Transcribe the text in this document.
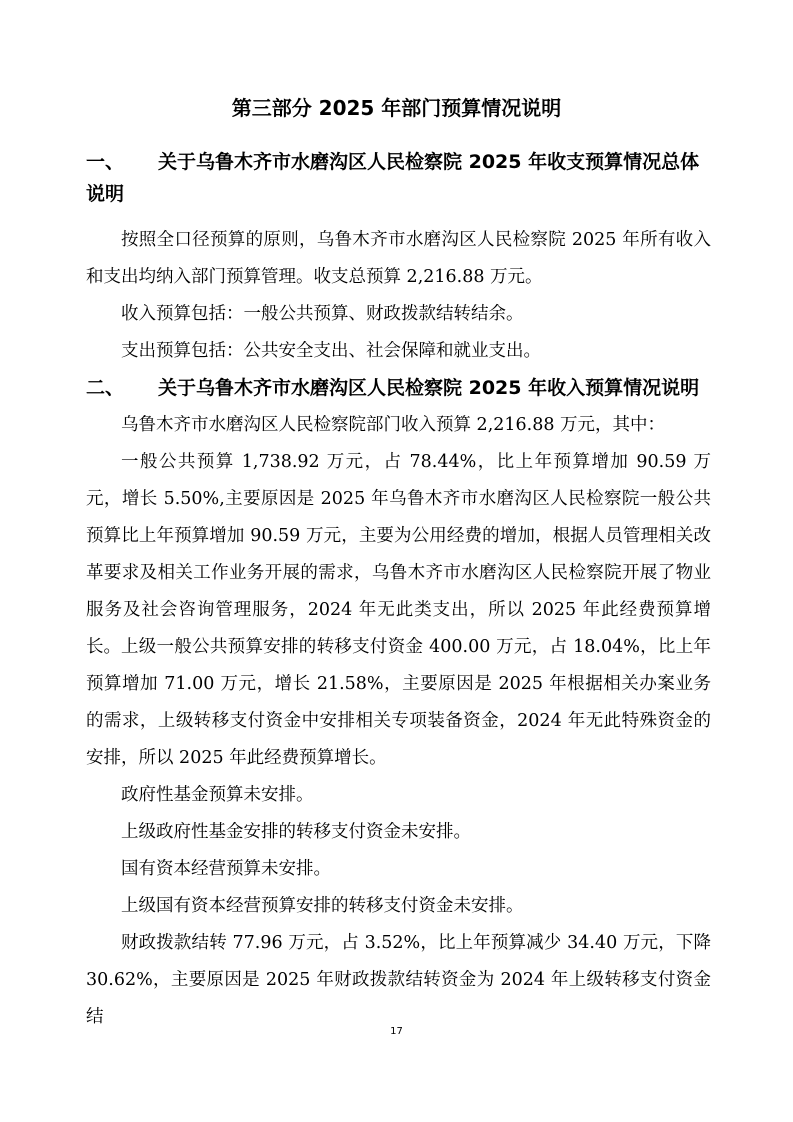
第三部分 2025 年部门预算情况说明
一、 关于乌鲁木齐市水磨沟区人民检察院 2025 年收支预算情况总体说明

按照全口径预算的原则，乌鲁木齐市水磨沟区人民检察院 2025 年所有收入和支出均纳入部门预算管理。收支总预算 2,216.88 万元。

收入预算包括：一般公共预算、财政拨款结转结余。

支出预算包括：公共安全支出、社会保障和就业支出。

二、 关于乌鲁木齐市水磨沟区人民检察院 2025 年收入预算情况说明

乌鲁木齐市水磨沟区人民检察院部门收入预算 2,216.88 万元，其中：

一般公共预算 1,738.92 万元，占 78.44%，比上年预算增加 90.59 万元，增长 5.50%,主要原因是 2025 年乌鲁木齐市水磨沟区人民检察院一般公共预算比上年预算增加 90.59 万元，主要为公用经费的增加，根据人员管理相关改革要求及相关工作业务开展的需求，乌鲁木齐市水磨沟区人民检察院开展了物业服务及社会咨询管理服务，2024 年无此类支出，所以 2025 年此经费预算增长。 上级一般公共预算安排的转移支付资金 400.00 万元，占 18.04%，比上年预算增加 71.00 万元，增长 21.58%，主要原因是 2025 年根据相关办案业务的需求，上级转移支付资金中安排相关专项装备资金，2024 年无此特殊资金的安排，所以 2025 年此经费预算增长。

政府性基金预算未安排。

上级政府性基金安排的转移支付资金未安排。

国有资本经营预算未安排。

上级国有资本经营预算安排的转移支付资金未安排。

财政拨款结转 77.96 万元，占 3.52%，比上年预算减少 34.40 万元，下降 30.62%，主要原因是 2025 年财政拨款结转资金为 2024 年上级转移支付资金结

17
